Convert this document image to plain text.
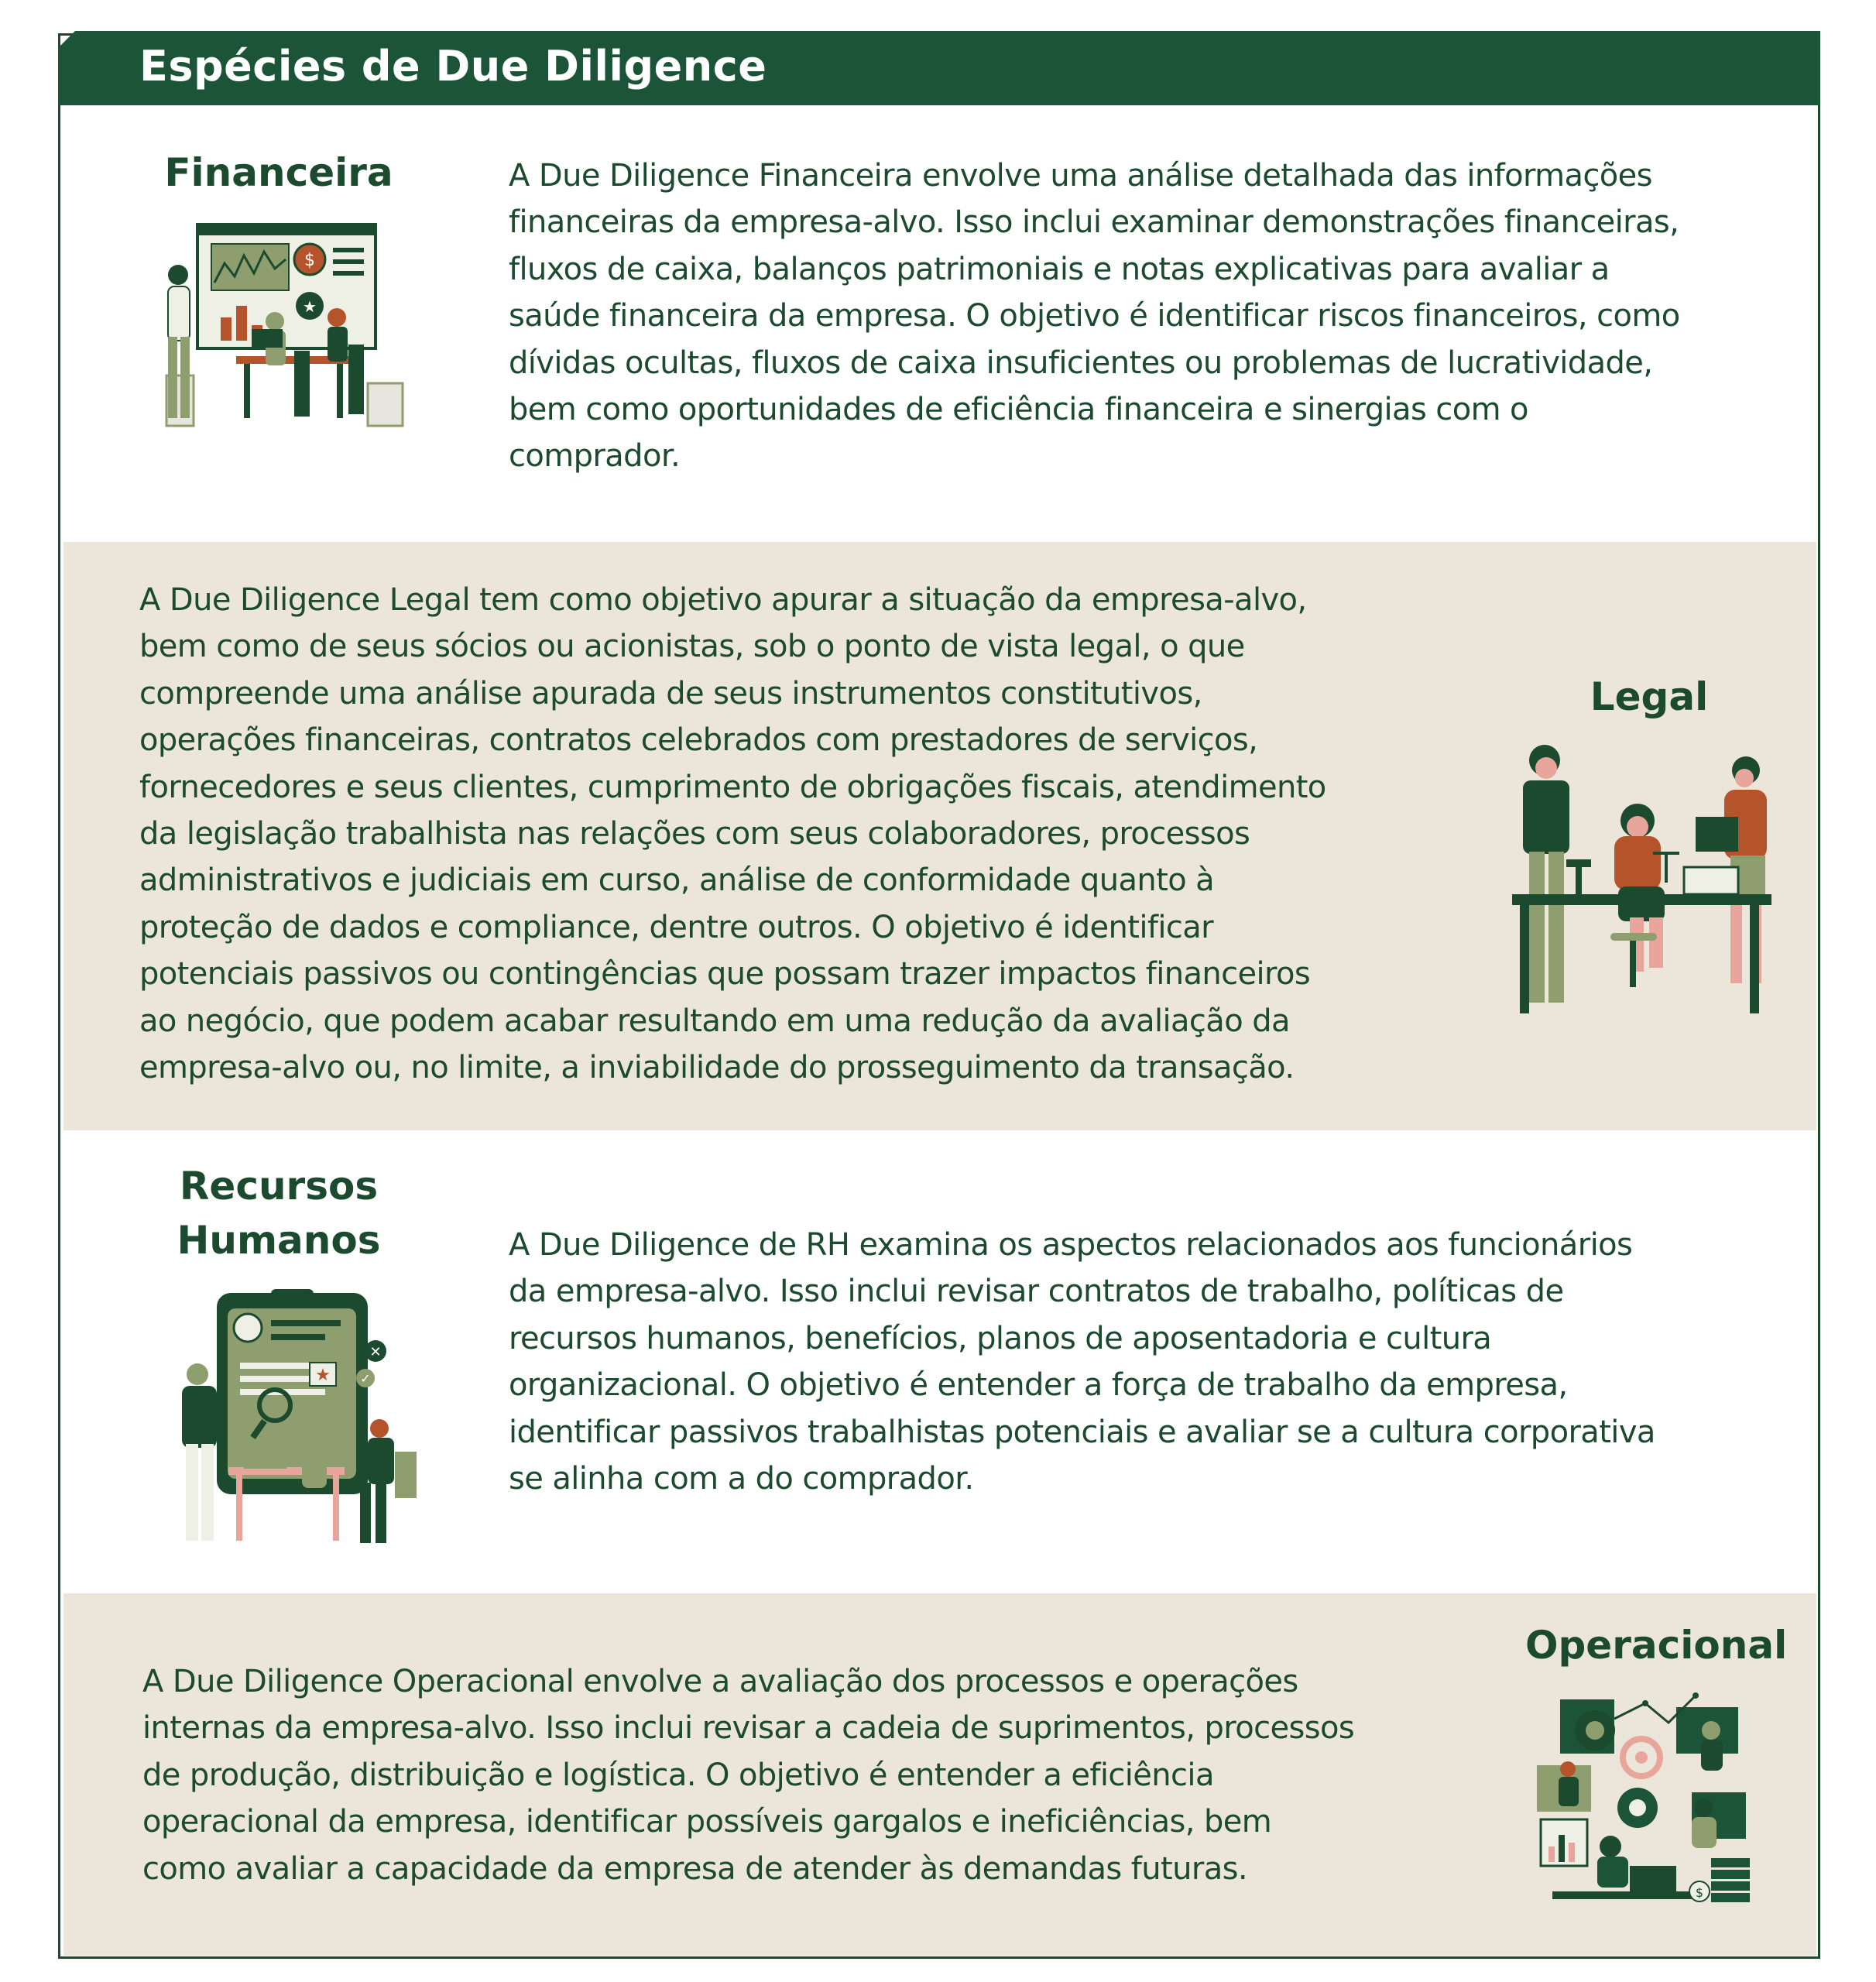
Espécies de Due Diligence
Financeira	A Due Diligence Financeira envolve uma análise detalhada das informações
financeiras da empresa-alvo. Isso inclui examinar demonstrações financeiras,
fluxos de caixa, balanços patrimoniais e notas explicativas para avaliar a
saúde financeira da empresa. O objetivo é identificar riscos financeiros, como
dívidas ocultas, fluxos de caixa insuficientes ou problemas de lucratividade,
bem como oportunidades de eficiência financeira e sinergias com o
comprador.
$
★
A Due Diligence Legal tem como objetivo apurar a situação da empresa-alvo,
bem como de seus sócios ou acionistas, sob o ponto de vista legal, o que
compreende uma análise apurada de seus instrumentos constitutivos,
operações financeiras, contratos celebrados com prestadores de serviços,
fornecedores e seus clientes, cumprimento de obrigações fiscais, atendimento
da legislação trabalhista nas relações com seus colaboradores, processos
administrativos e judiciais em curso, análise de conformidade quanto à
proteção de dados e compliance, dentre outros. O objetivo é identificar
potenciais passivos ou contingências que possam trazer impactos financeiros
ao negócio, que podem acabar resultando em uma redução da avaliação da
empresa-alvo ou, no limite, a inviabilidade do prosseguimento da transação.
Legal
Recursos
Humanos	A Due Diligence de RH examina os aspectos relacionados aos funcionários
da empresa-alvo. Isso inclui revisar contratos de trabalho, políticas de
recursos humanos, benefícios, planos de aposentadoria e cultura
organizacional. O objetivo é entender a força de trabalho da empresa,
identificar passivos trabalhistas potenciais e avaliar se a cultura corporativa
se alinha com a do comprador.
★
✕
✓
Operacional
A Due Diligence Operacional envolve a avaliação dos processos e operações
internas da empresa-alvo. Isso inclui revisar a cadeia de suprimentos, processos
de produção, distribuição e logística. O objetivo é entender a eficiência
operacional da empresa, identificar possíveis gargalos e ineficiências, bem
como avaliar a capacidade da empresa de atender às demandas futuras.
$
